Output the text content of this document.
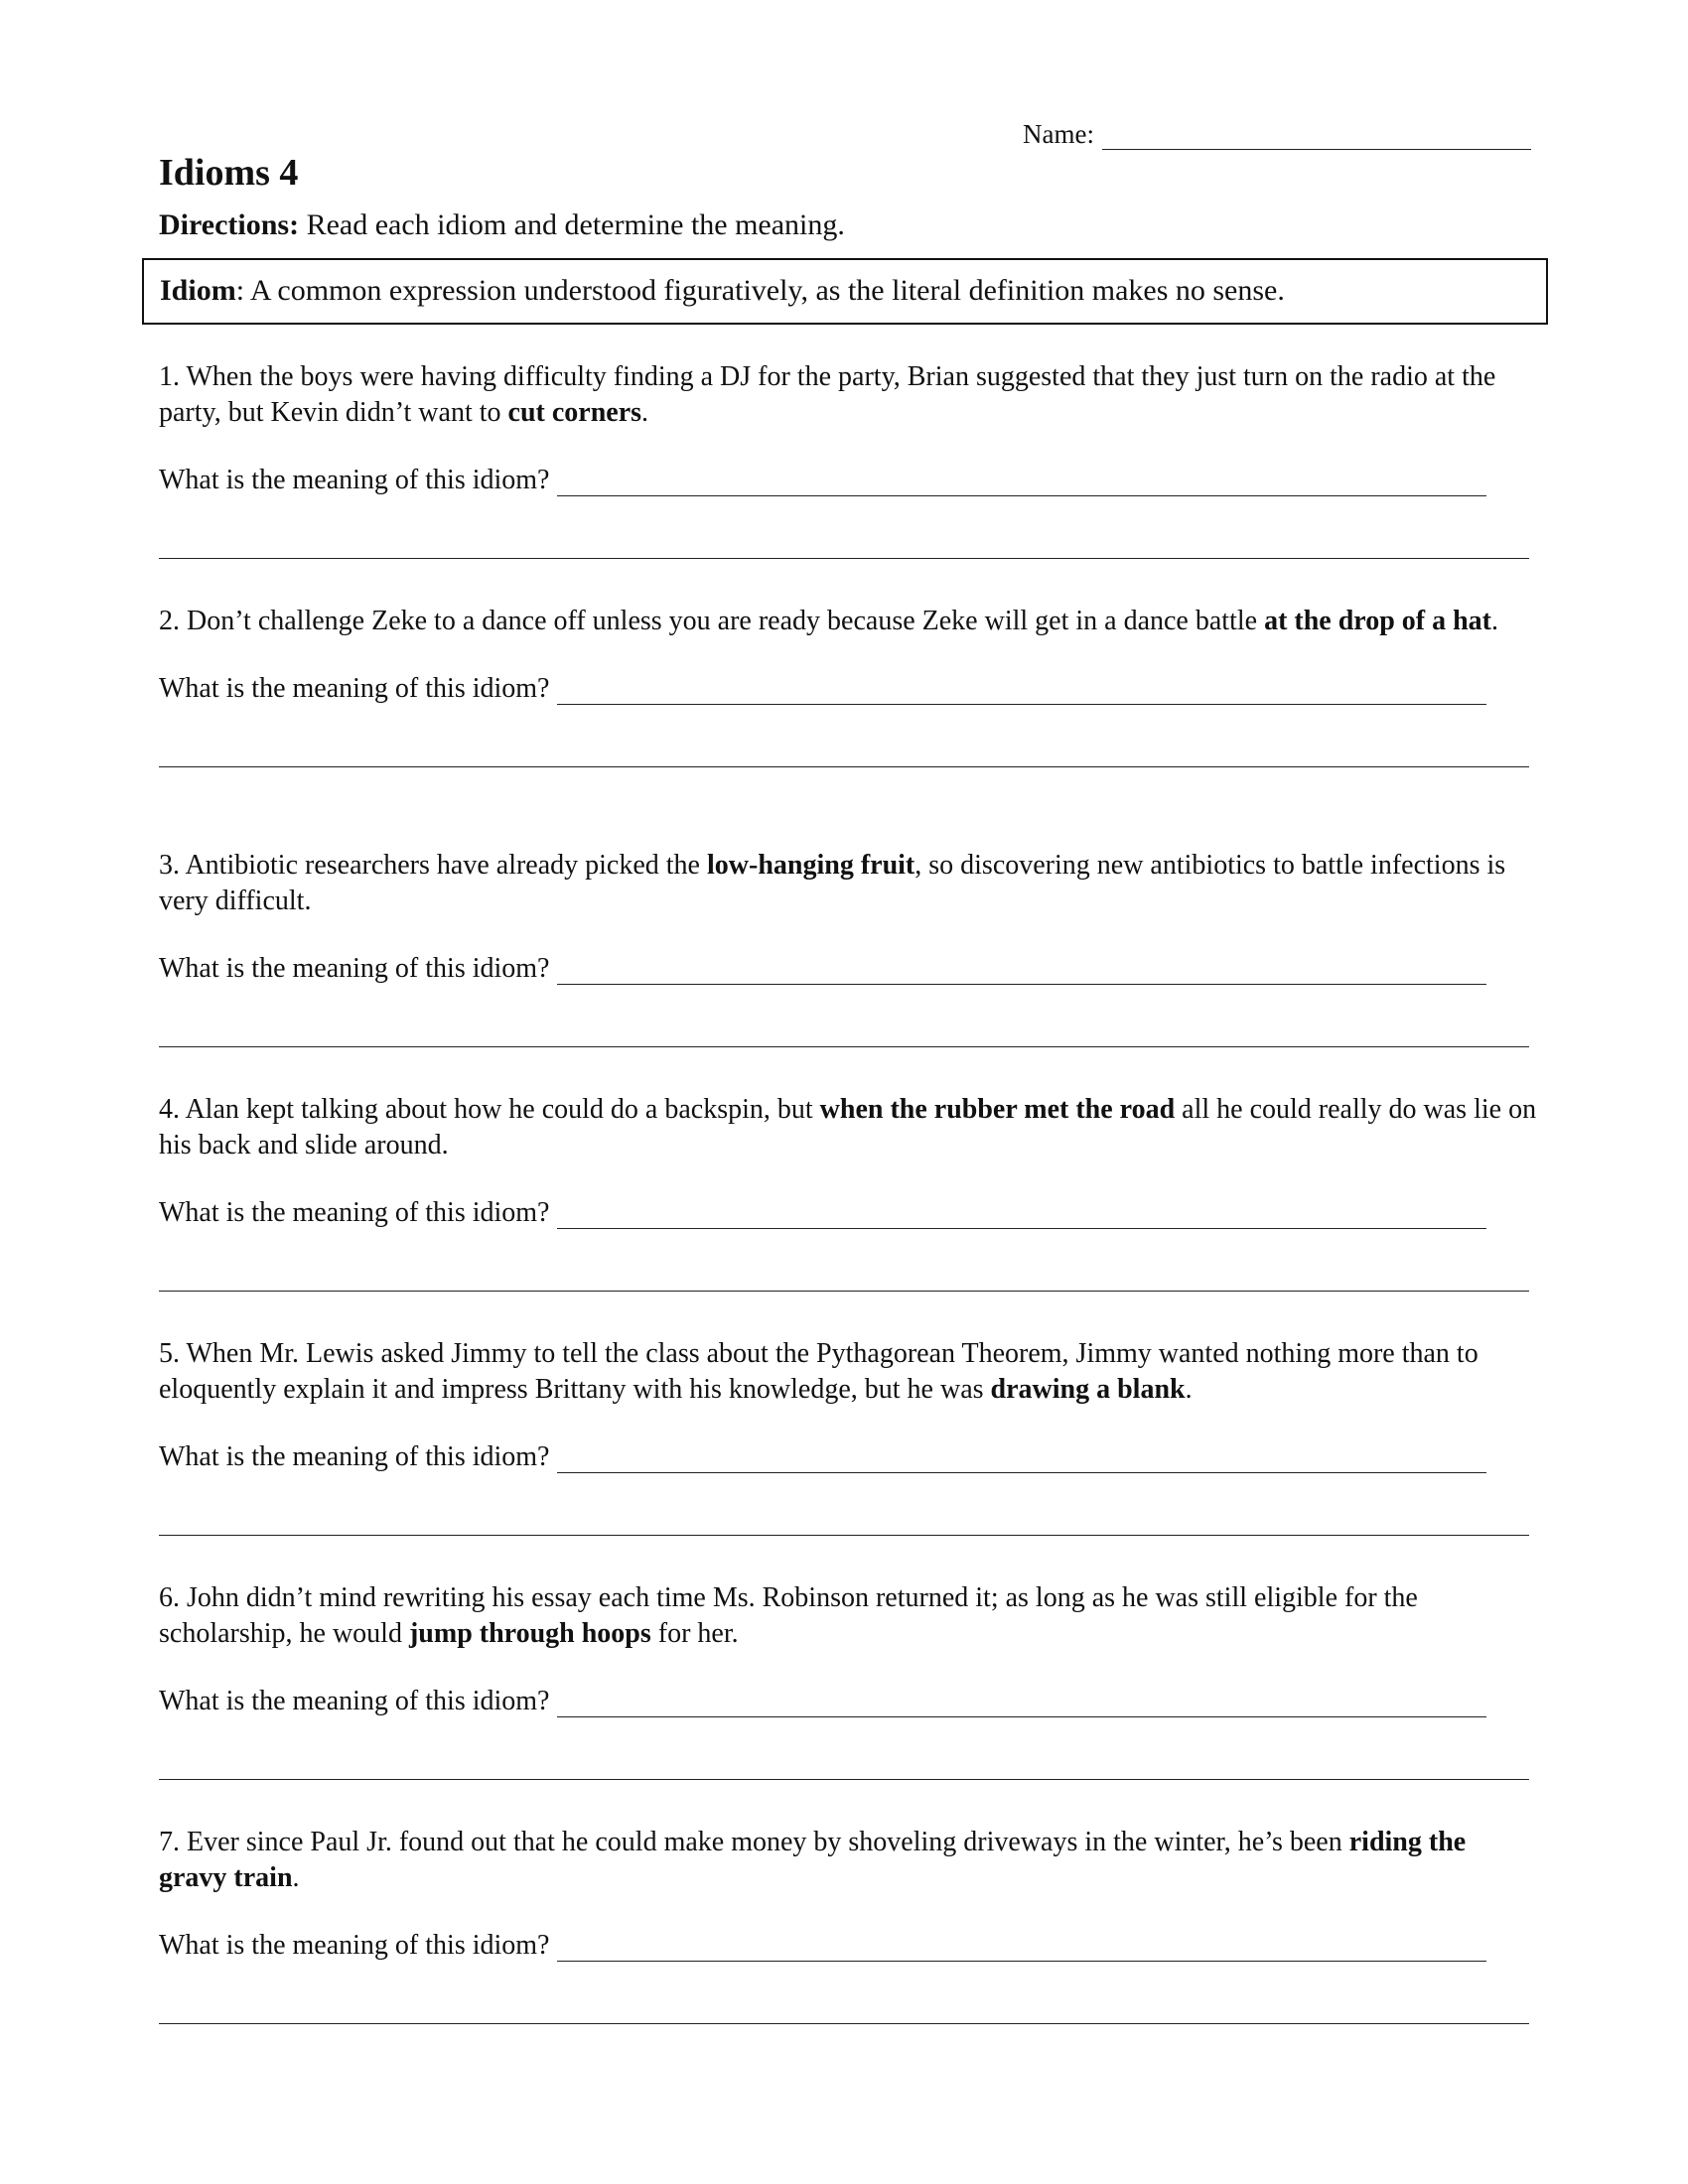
Name:
Idioms 4
Directions: Read each idiom and determine the meaning.
Idiom: A common expression understood figuratively, as the literal definition makes no sense.

1. When the boys were having difficulty finding a DJ for the party, Brian suggested that they just turn on the radio at the party, but Kevin didn’t want to cut corners.

What is the meaning of this idiom?

2. Don’t challenge Zeke to a dance off unless you are ready because Zeke will get in a dance battle at the drop of a hat.

What is the meaning of this idiom?

3. Antibiotic researchers have already picked the low-hanging fruit, so discovering new antibiotics to battle infections is very difficult.

What is the meaning of this idiom?

4. Alan kept talking about how he could do a backspin, but when the rubber met the road all he could really do was lie on his back and slide around.

What is the meaning of this idiom?

5. When Mr. Lewis asked Jimmy to tell the class about the Pythagorean Theorem, Jimmy wanted nothing more than to eloquently explain it and impress Brittany with his knowledge, but he was drawing a blank.

What is the meaning of this idiom?

6. John didn’t mind rewriting his essay each time Ms. Robinson returned it; as long as he was still eligible for the scholarship, he would jump through hoops for her.

What is the meaning of this idiom?

7. Ever since Paul Jr. found out that he could make money by shoveling driveways in the winter, he’s been riding the gravy train.

What is the meaning of this idiom?
